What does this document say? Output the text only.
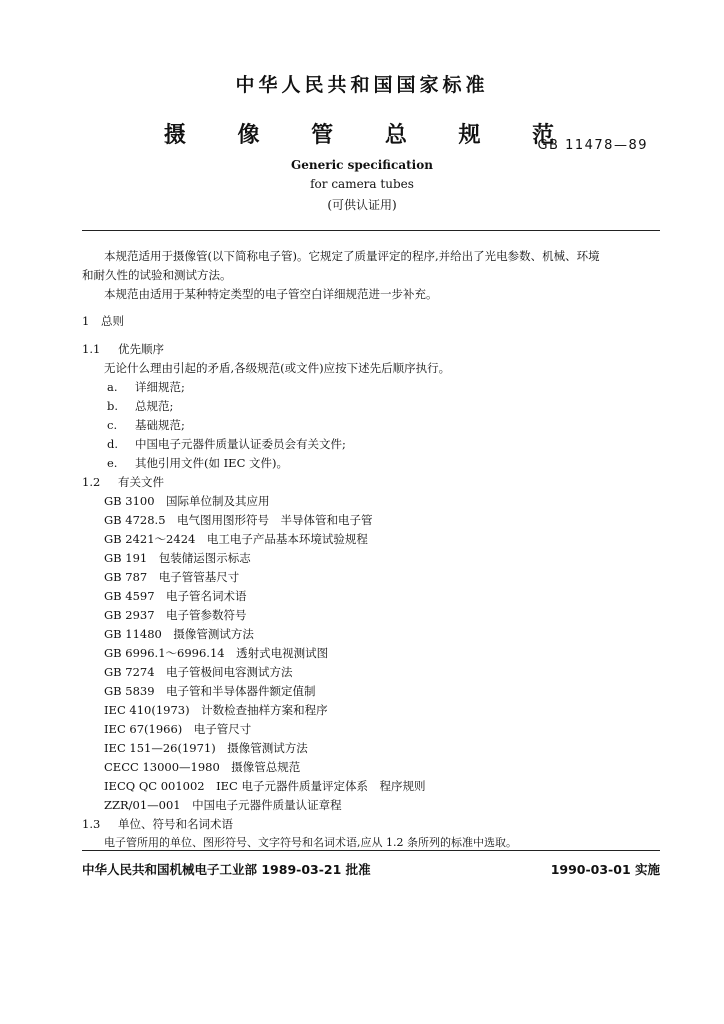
中华人民共和国国家标准
摄 像 管 总 规 范
GB 11478—89
Generic specification
for camera tubes
(可供认证用)
本规范适用于摄像管(以下简称电子管)。它规定了质量评定的程序,并给出了光电参数、机械、环境
和耐久性的试验和测试方法。
本规范由适用于某种特定类型的电子管空白详细规范进一步补充。
1 总则
1.1 优先顺序
无论什么理由引起的矛盾,各级规范(或文件)应按下述先后顺序执行。
a. 详细规范;
b. 总规范;
c. 基础规范;
d. 中国电子元器件质量认证委员会有关文件;
e. 其他引用文件(如 IEC 文件)。
1.2 有关文件
GB 3100　国际单位制及其应用
GB 4728.5　电气图用图形符号　半导体管和电子管
GB 2421～2424　电工电子产品基本环境试验规程
GB 191　包装储运图示标志
GB 787　电子管管基尺寸
GB 4597　电子管名词术语
GB 2937　电子管参数符号
GB 11480　摄像管测试方法
GB 6996.1～6996.14　透射式电视测试图
GB 7274　电子管极间电容测试方法
GB 5839　电子管和半导体器件额定值制
IEC 410(1973)　计数检查抽样方案和程序
IEC 67(1966)　电子管尺寸
IEC 151—26(1971)　摄像管测试方法
CECC 13000—1980　摄像管总规范
IECQ QC 001002　IEC 电子元器件质量评定体系　程序规则
ZZR/01—001　中国电子元器件质量认证章程
1.3 单位、符号和名词术语
电子管所用的单位、图形符号、文字符号和名词术语,应从 1.2 条所列的标准中选取。
中华人民共和国机械电子工业部 1989-03-21 批准	1990-03-01 实施
